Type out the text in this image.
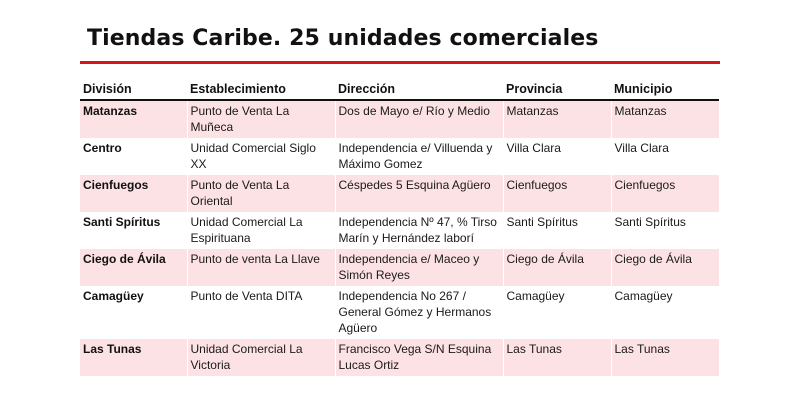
Tiendas Caribe. 25 unidades comerciales
División	Establecimiento	Dirección	Provincia	Municipio
Matanzas	Punto de Venta La Muñeca	Dos de Mayo e/ Río y Medio	Matanzas	Matanzas
Centro	Unidad Comercial Siglo XX	Independencia e/ Villuenda y Máximo Gomez	Villa Clara	Villa Clara
Cienfuegos	Punto de Venta La Oriental	Céspedes 5 Esquina Agüero	Cienfuegos	Cienfuegos
Santi Spíritus	Unidad Comercial La Espirituana	Independencia Nº 47, % Tirso Marín y Hernández laborí	Santi Spíritus	Santi Spíritus
Ciego de Ávila	Punto de venta La Llave	Independencia e/ Maceo y Simón Reyes	Ciego de Ávila	Ciego de Ávila
Camagüey	Punto de Venta DITA	Independencia No 267 / General Gómez y Hermanos Agüero	Camagüey	Camagüey
Las Tunas	Unidad Comercial La Victoria	Francisco Vega S/N Esquina Lucas Ortiz	Las Tunas	Las Tunas
